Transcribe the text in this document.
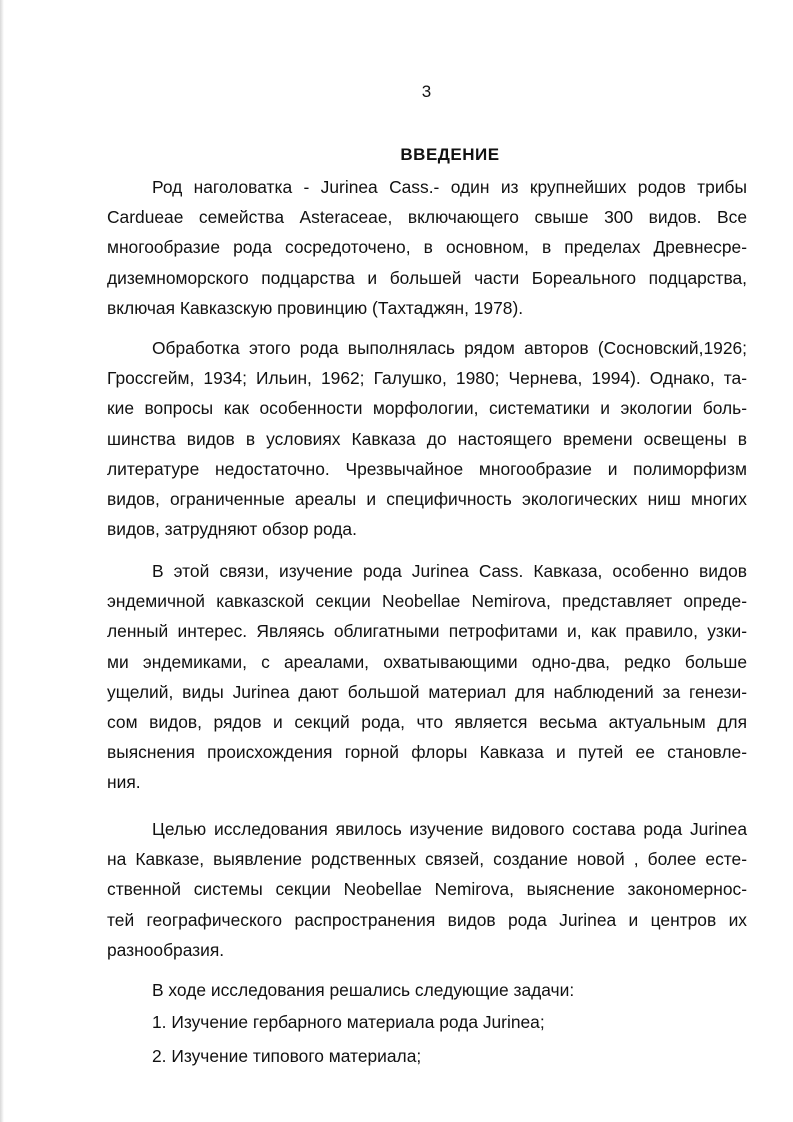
3
ВВЕДЕНИЕ
Род наголоватка - Jurinea Cass.- один из крупнейших родов трибы
Cardueae семейства Asteraceae, включающего свыше 300 видов. Все
многообразие рода сосредоточено, в основном, в пределах Древнесре-
диземноморского подцарства и большей части Бореального подцарства,
включая Кавказскую провинцию (Тахтаджян, 1978).
Обработка этого рода выполнялась рядом авторов (Сосновский,1926;
Гроссгейм, 1934; Ильин, 1962; Галушко, 1980; Чернева, 1994). Однако, та-
кие вопросы как особенности морфологии, систематики и экологии боль-
шинства видов в условиях Кавказа до настоящего времени освещены в
литературе недостаточно. Чрезвычайное многообразие и полиморфизм
видов, ограниченные ареалы и специфичность экологических ниш многих
видов, затрудняют обзор рода.
В этой связи, изучение рода Jurinea Cass. Кавказа, особенно видов
эндемичной кавказской секции Neobellae Nemirova, представляет опреде-
ленный интерес. Являясь облигатными петрофитами и, как правило, узки-
ми эндемиками, с ареалами, охватывающими одно-два, редко больше
ущелий, виды Jurinea дают большой материал для наблюдений за генези-
сом видов, рядов и секций рода, что является весьма актуальным для
выяснения происхождения горной флоры Кавказа и путей ее становле-
ния.
Целью исследования явилось изучение видового состава рода Jurinea
на Кавказе, выявление родственных связей, создание новой , более есте-
ственной системы секции Neobellae Nemirova, выяснение закономернос-
тей географического распространения видов рода Jurinea и центров их
разнообразия.
В ходе исследования решались следующие задачи:
1. Изучение гербарного материала рода Jurinea;
2. Изучение типового материала;
